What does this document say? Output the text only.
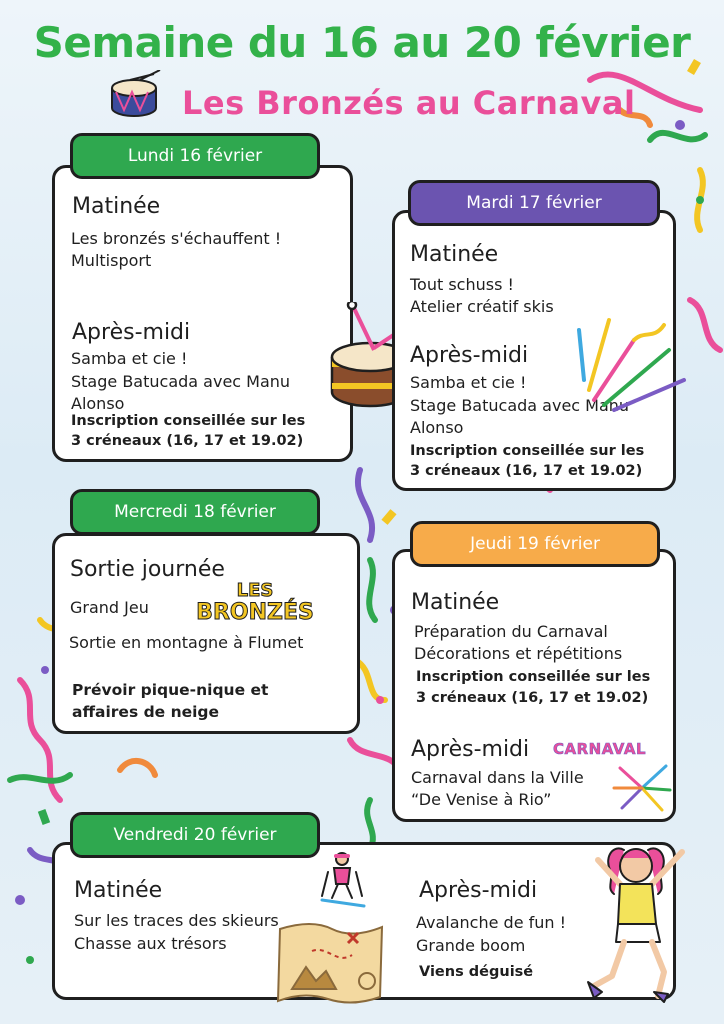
Semaine du 16 au 20 février
Les Bronzés au Carnaval
Lundi 16 février
Matinée
Les bronzés s'échauffent !
Multisport
Après-midi
Samba et cie !
Stage Batucada avec Manu
Alonso
Inscription conseillée sur les
3 créneaux (16, 17 et 19.02)
Mardi 17 février
Matinée
Tout schuss !
Atelier créatif skis
Après-midi
Samba et cie !
Stage Batucada avec Manu
Alonso
Inscription conseillée sur les
3 créneaux (16, 17 et 19.02)
Mercredi 18 février
Sortie journée
Grand Jeu
LES
BRONZÉS
Sortie en montagne à Flumet
Prévoir pique-nique et
affaires de neige
Jeudi 19 février
Matinée
Préparation du Carnaval
Décorations et répétitions
Inscription conseillée sur les
3 créneaux (16, 17 et 19.02)
Après-midi CARNAVAL
Carnaval dans la Ville
“De Venise à Rio”
Vendredi 20 février
Matinée
Sur les traces des skieurs
Chasse aux trésors
Après-midi
Avalanche de fun !
Grande boom
Viens déguisé
